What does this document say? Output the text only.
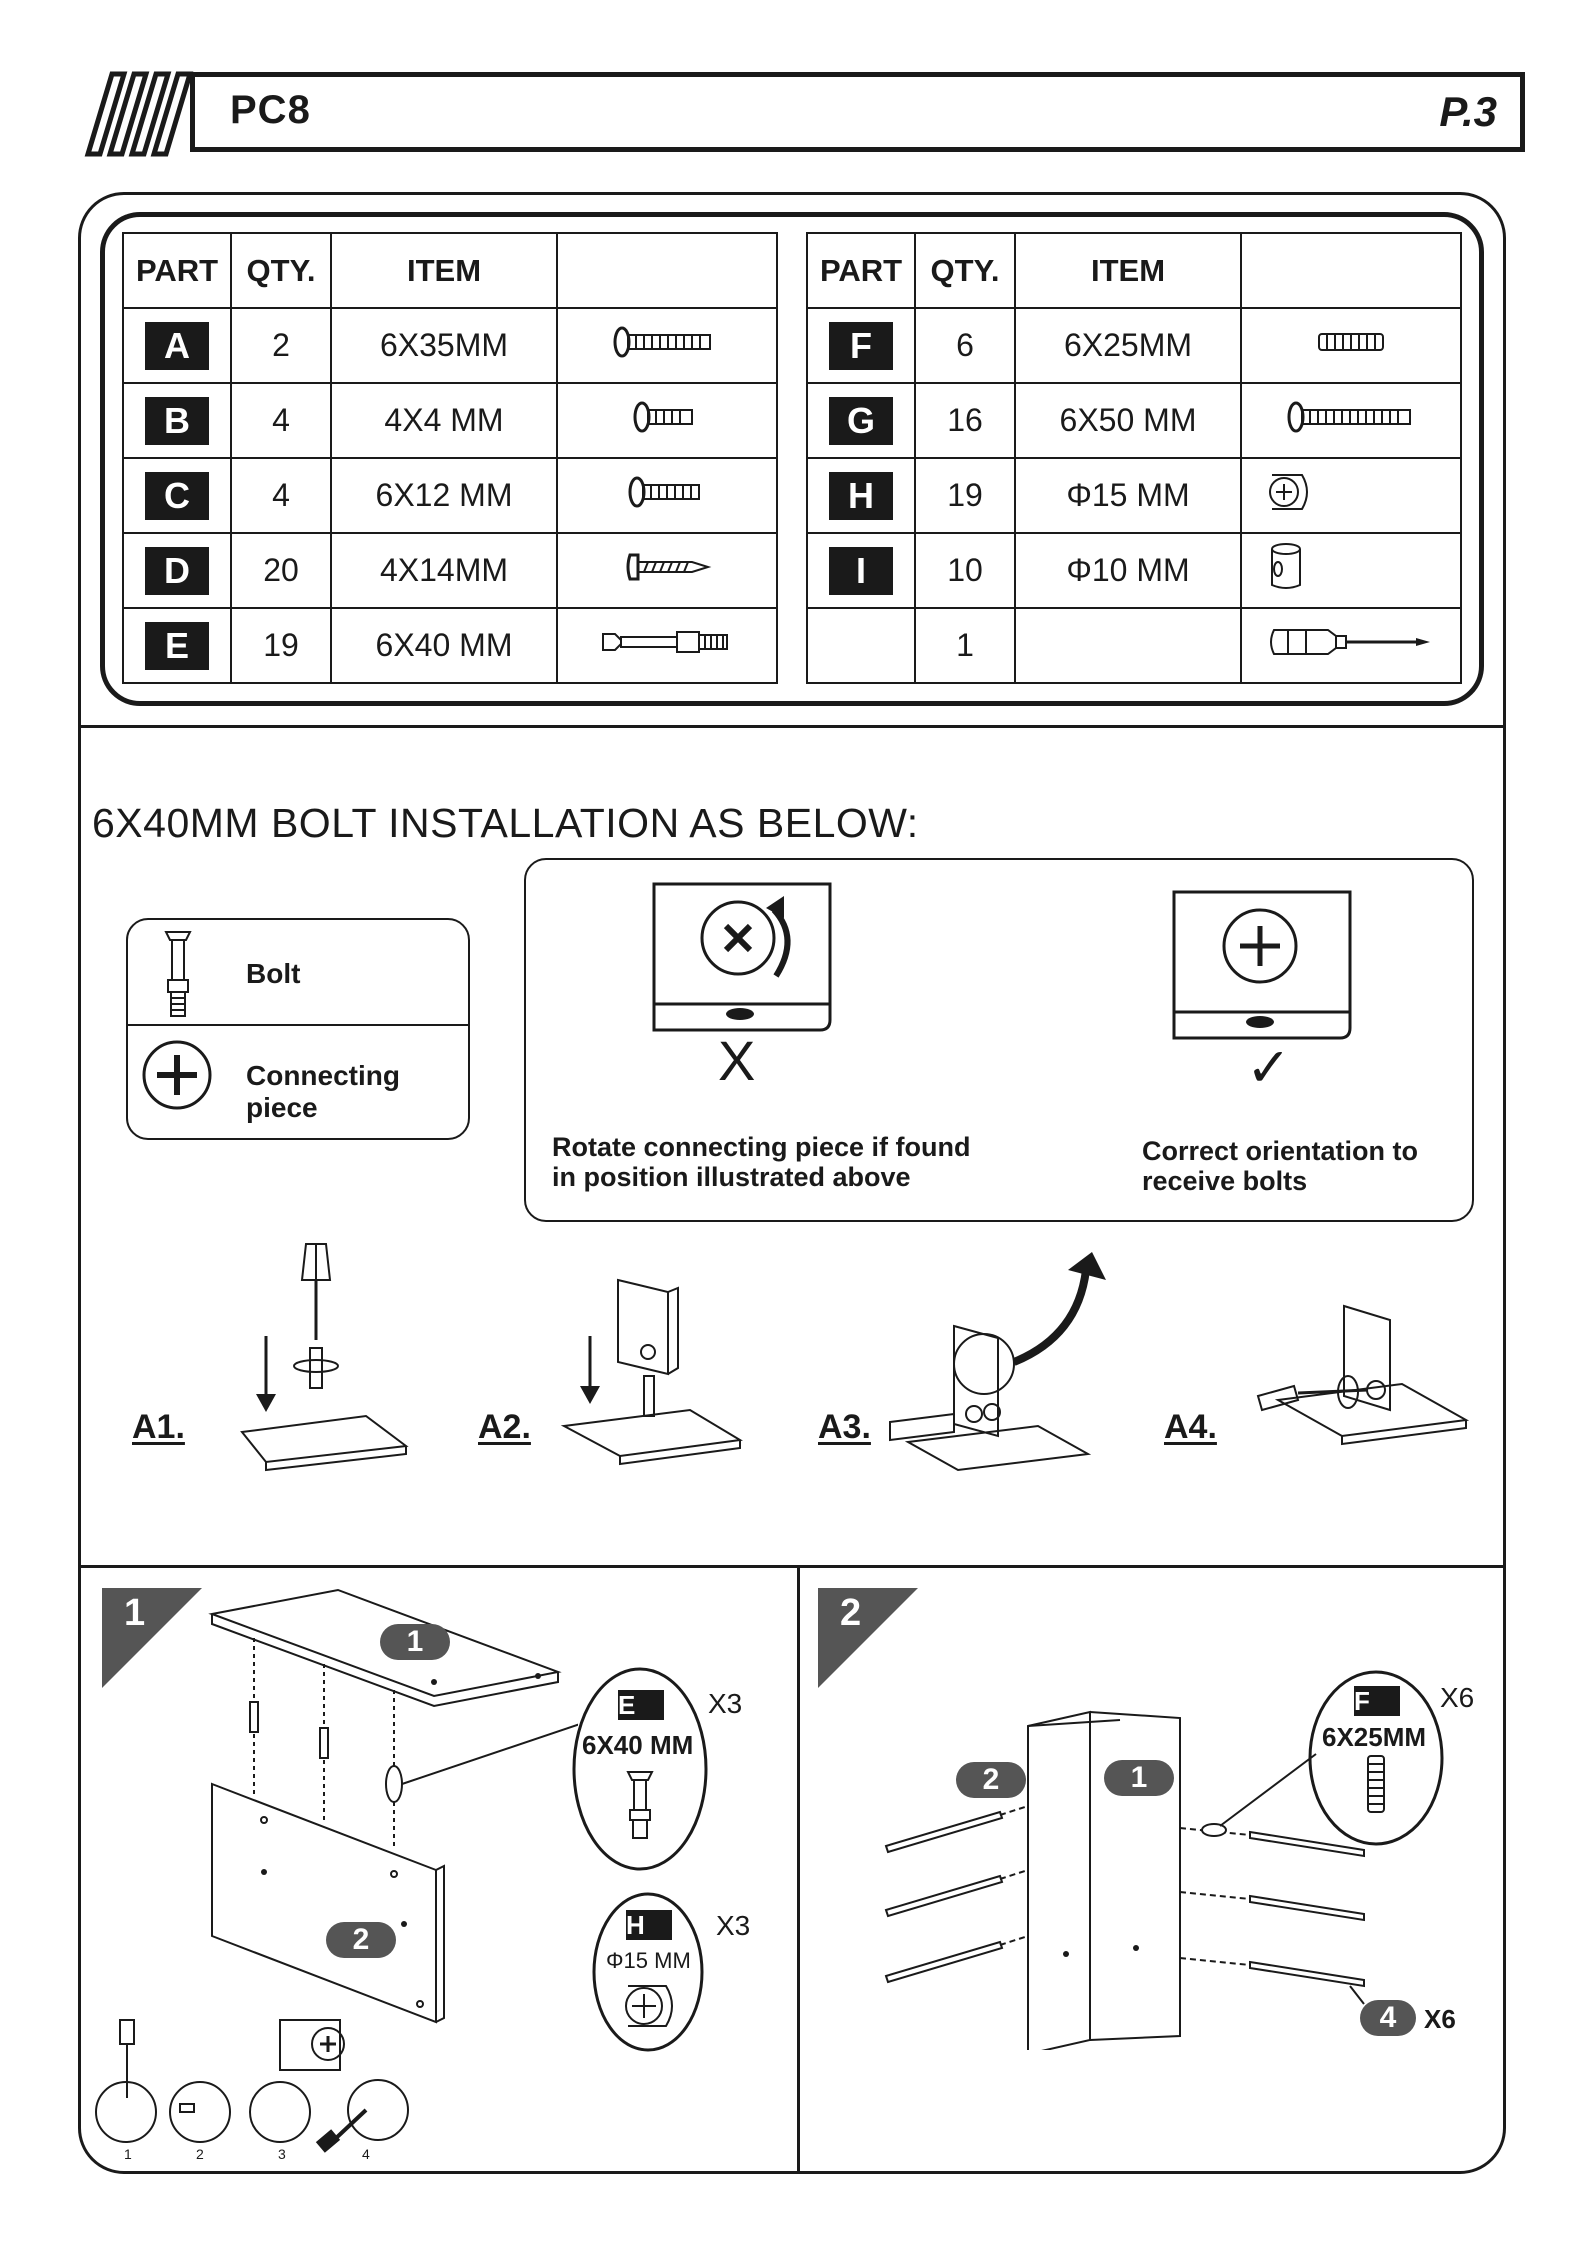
PC8	P.3
PART	QTY.	ITEM	
A	2	6X35MM	
B	4	4X4 MM	
C	4	6X12 MM	
D	20	4X14MM	
E	19	6X40 MM	
PART	QTY.	ITEM	
F	6	6X25MM	
G	16	6X50 MM	
H	19	Φ15 MM	
I	10	Φ10 MM	
	1		
6X40MM BOLT INSTALLATION AS BELOW:
Bolt
Connecting piece
X
Rotate connecting piece if found
in position illustrated above
✓
Correct orientation to
receive bolts
A1.	A2.	A3.	A4.
1
1
2
E	X3
6X40 MM
H	X3
Φ15 MM
1	2	3	4
2
2	1
4	X6
F	X6
6X25MM
